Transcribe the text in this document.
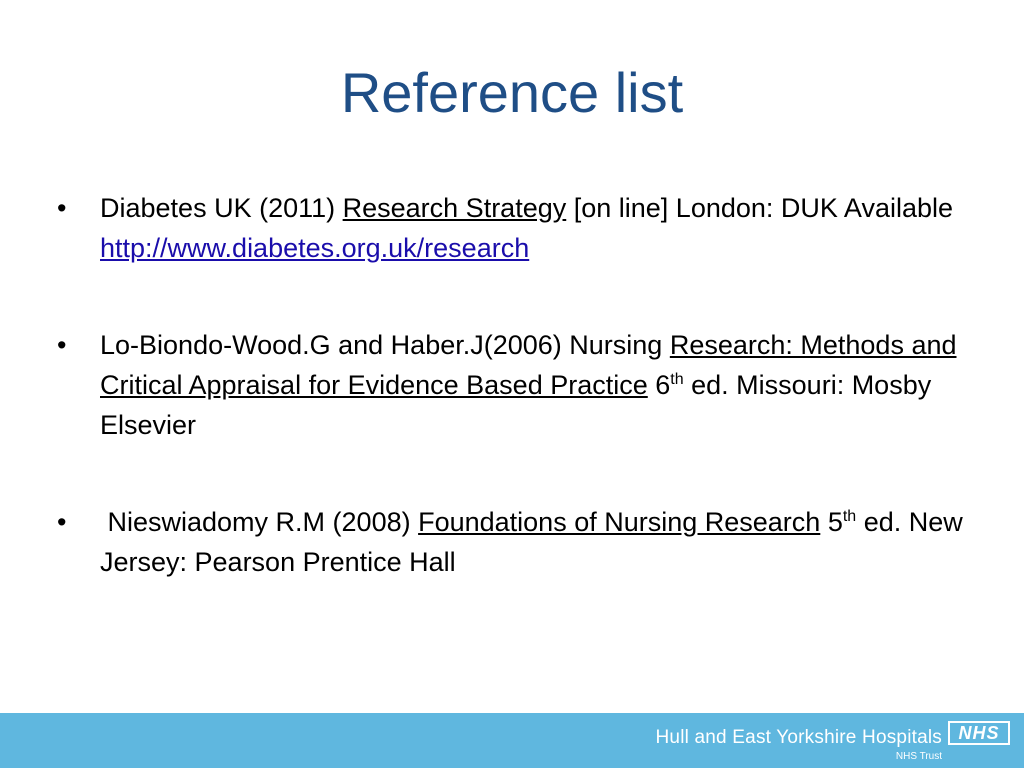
Reference list
• Diabetes UK (2011) Research Strategy [on line] London: DUK Available http://www.diabetes.org.uk/research
• Lo-Biondo-Wood.G and Haber.J(2006) Nursing Research: Methods and Critical Appraisal for Evidence Based Practice 6th ed. Missouri: Mosby Elsevier
• Nieswiadomy R.M (2008) Foundations of Nursing Research 5th ed. New Jersey: Pearson Prentice Hall
Hull and East Yorkshire Hospitals
NHS Trust
NHS
